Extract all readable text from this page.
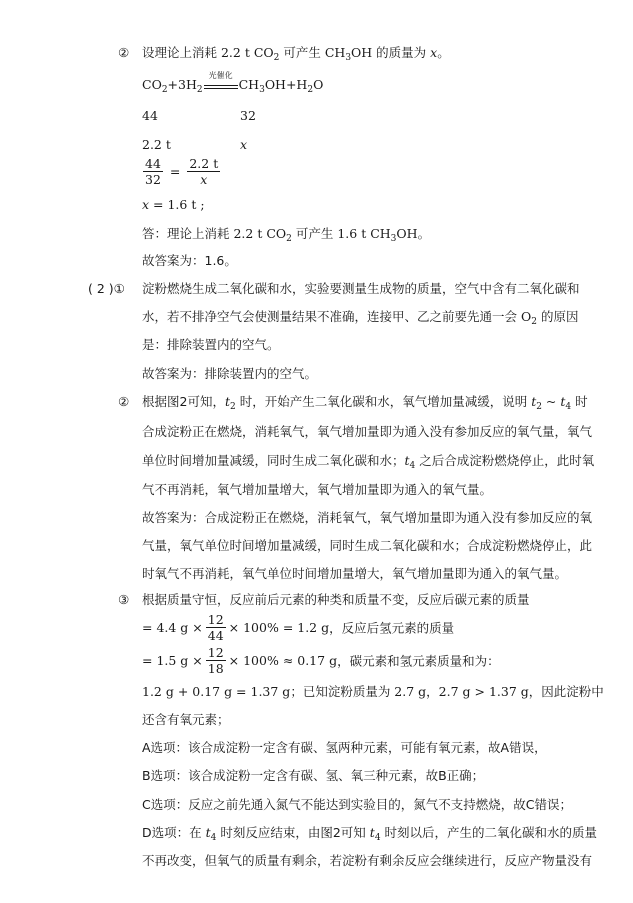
② 设理论上消耗 2.2 t $CO_2$ 可产生 $CH_3OH$ 的质量为 x。
$CO_2+3H_2$
光催化
$CH_3OH+H_2O$
44	32
2.2 t	x
$\frac{44}{32} = \frac{2.2 t}{x}$
x = 1.6 t ;
答：理论上消耗 2.2 t $CO_2$ 可产生 1.6 t $CH_3OH$。
故答案为：1.6。
( 2 )① 淀粉燃烧生成二氧化碳和水，实验要测量生成物的质量，空气中含有二氧化碳和
水，若不排净空气会使测量结果不准确，连接甲、乙之前要先通一会 $O_2$ 的原因
是：排除装置内的空气。
故答案为：排除装置内的空气。
② 根据图2可知，$t_2$ 时，开始产生二氧化碳和水，氧气增加量减缓，说明 $t_2$ ~ $t_4$ 时
合成淀粉正在燃烧，消耗氧气，氧气增加量即为通入没有参加反应的氧气量，氧气
单位时间增加量减缓，同时生成二氧化碳和水；$t_4$ 之后合成淀粉燃烧停止，此时氧
气不再消耗，氧气增加量增大，氧气增加量即为通入的氧气量。
故答案为：合成淀粉正在燃烧，消耗氧气，氧气增加量即为通入没有参加反应的氧
气量，氧气单位时间增加量减缓，同时生成二氧化碳和水；合成淀粉燃烧停止，此
时氧气不再消耗，氧气单位时间增加量增大，氧气增加量即为通入的氧气量。
③ 根据质量守恒，反应前后元素的种类和质量不变，反应后碳元素的质量
= 4.4 $g \times \frac{12}{44} \times 100\% = 1.2$ g，反应后氢元素的质量
= 1.5 $g \times \frac{12}{18} \times 100\% \approx 0.17$ g，碳元素和氢元素质量和为：
1.2 g + 0.17 g = 1.37 g；已知淀粉质量为 2.7 g，2.7 g > 1.37 g，因此淀粉中
还含有氧元素；
A选项：该合成淀粉一定含有碳、氢两种元素，可能有氧元素，故A错误，
B选项：该合成淀粉一定含有碳、氢、氧三种元素，故B正确；
C选项：反应之前先通入氮气不能达到实验目的，氮气不支持燃烧，故C错误；
D选项：在 $t_4$ 时刻反应结束，由图2可知 $t_4$ 时刻以后，产生的二氧化碳和水的质量
不再改变，但氧气的质量有剩余，若淀粉有剩余反应会继续进行，反应产物量没有
